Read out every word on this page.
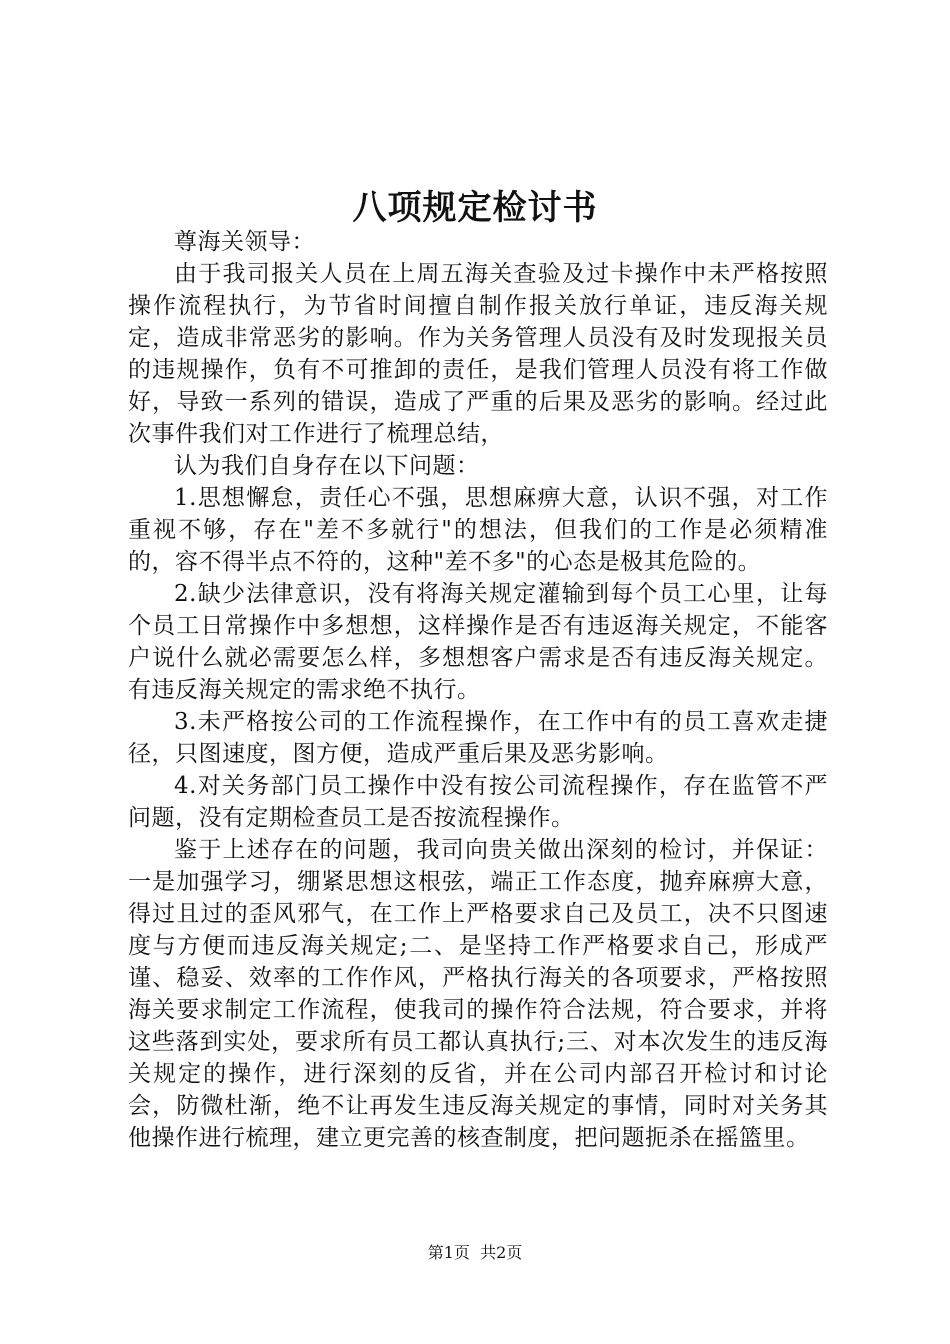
八项规定检讨书

尊海关领导：

由于我司报关人员在上周五海关查验及过卡操作中未严格按照操作流程执行，为节省时间擅自制作报关放行单证，违反海关规定，造成非常恶劣的影响。作为关务管理人员没有及时发现报关员的违规操作，负有不可推卸的责任，是我们管理人员没有将工作做好，导致一系列的错误，造成了严重的后果及恶劣的影响。经过此次事件我们对工作进行了梳理总结，

认为我们自身存在以下问题：

1.思想懈怠，责任心不强，思想麻痹大意，认识不强，对工作重视不够，存在"差不多就行"的想法，但我们的工作是必须精准的，容不得半点不符的，这种"差不多"的心态是极其危险的。

2.缺少法律意识，没有将海关规定灌输到每个员工心里，让每个员工日常操作中多想想，这样操作是否有违返海关规定，不能客户说什么就必需要怎么样，多想想客户需求是否有违反海关规定。有违反海关规定的需求绝不执行。

3.未严格按公司的工作流程操作，在工作中有的员工喜欢走捷径，只图速度，图方便，造成严重后果及恶劣影响。

4.对关务部门员工操作中没有按公司流程操作，存在监管不严问题，没有定期检查员工是否按流程操作。

鉴于上述存在的问题，我司向贵关做出深刻的检讨，并保证：一是加强学习，绷紧思想这根弦，端正工作态度，抛弃麻痹大意，得过且过的歪风邪气，在工作上严格要求自己及员工，决不只图速度与方便而违反海关规定;二、是坚持工作严格要求自己，形成严谨、稳妥、效率的工作作风，严格执行海关的各项要求，严格按照海关要求制定工作流程，使我司的操作符合法规，符合要求，并将这些落到实处，要求所有员工都认真执行;三、对本次发生的违反海关规定的操作，进行深刻的反省，并在公司内部召开检讨和讨论会，防微杜渐，绝不让再发生违反海关规定的事情，同时对关务其他操作进行梳理，建立更完善的核查制度，把问题扼杀在摇篮里。

第1页  共2页
